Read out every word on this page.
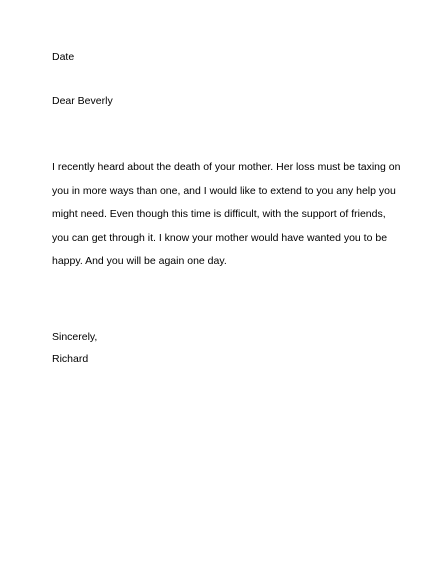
Date
Dear Beverly
I recently heard about the death of your mother. Her loss must be taxing on
you in more ways than one, and I would like to extend to you any help you
might need. Even though this time is difficult, with the support of friends,
you can get through it. I know your mother would have wanted you to be
happy. And you will be again one day.
Sincerely,
Richard
